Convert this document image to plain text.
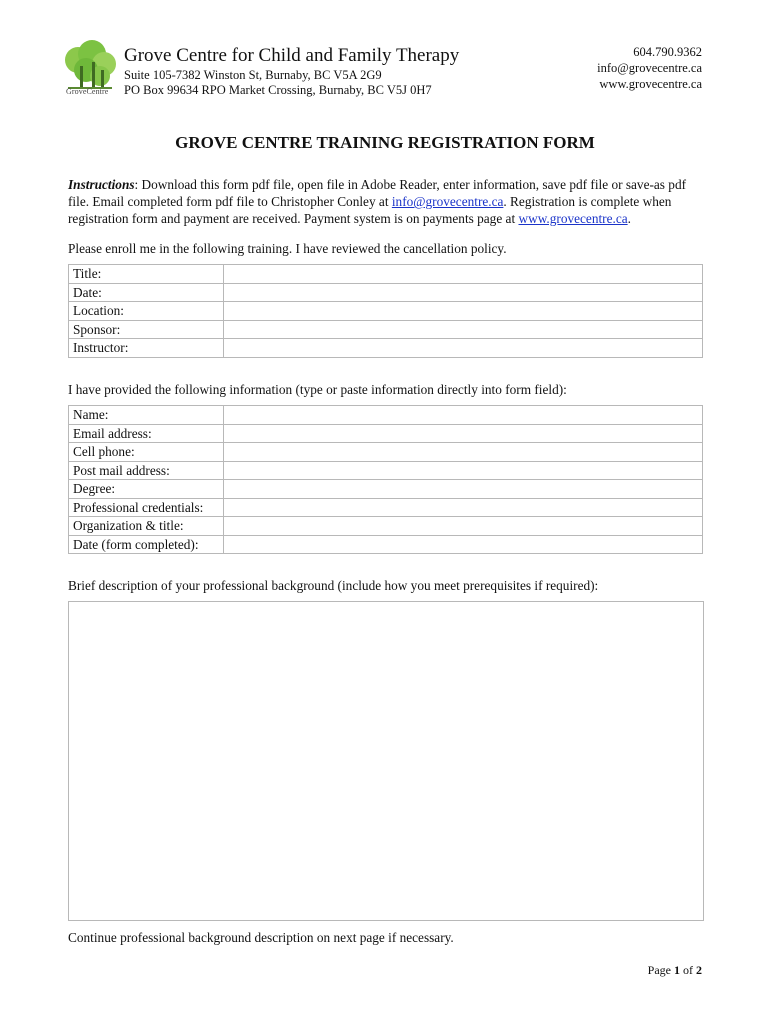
GroveCentre
Grove Centre for Child and Family Therapy
Suite 105-7382 Winston St, Burnaby, BC V5A 2G9
PO Box 99634 RPO Market Crossing, Burnaby, BC V5J 0H7
604.790.9362
info@grovecentre.ca
www.grovecentre.ca
GROVE CENTRE TRAINING REGISTRATION FORM
Instructions: Download this form pdf file, open file in Adobe Reader, enter information, save pdf file or save-as pdf file. Email completed form pdf file to Christopher Conley at info@grovecentre.ca. Registration is complete when registration form and payment are received. Payment system is on payments page at www.grovecentre.ca.
Please enroll me in the following training. I have reviewed the cancellation policy.
Title:	
Date:	
Location:	
Sponsor:	
Instructor:	
I have provided the following information (type or paste information directly into form field):
Name:	
Email address:	
Cell phone:	
Post mail address:	
Degree:	
Professional credentials:	
Organization & title:	
Date (form completed):	
Brief description of your professional background (include how you meet prerequisites if required):
Continue professional background description on next page if necessary.
Page 1 of 2
